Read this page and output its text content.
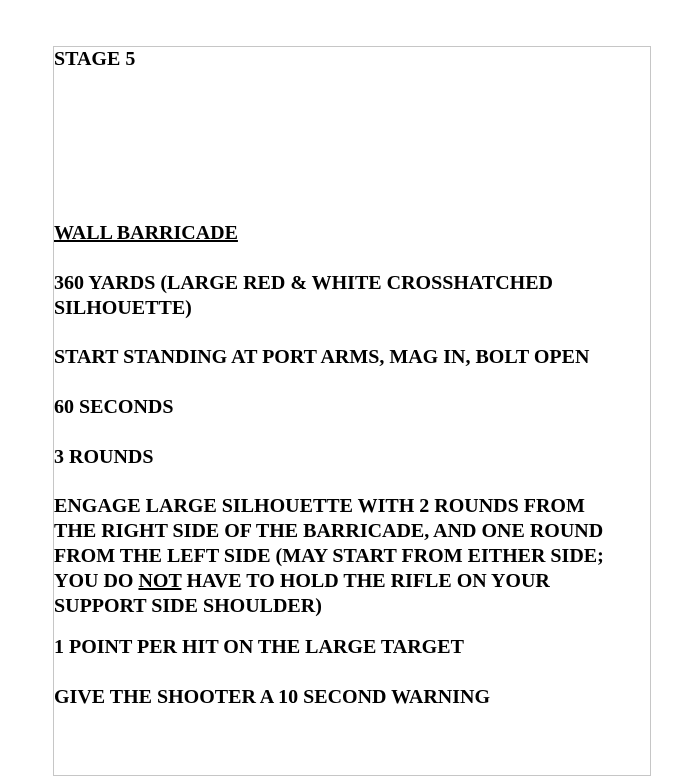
STAGE 5

WALL BARRICADE

360 YARDS (LARGE RED & WHITE CROSSHATCHED

SILHOUETTE)

START STANDING AT PORT ARMS, MAG IN, BOLT OPEN

60 SECONDS

3 ROUNDS

ENGAGE LARGE SILHOUETTE WITH 2 ROUNDS FROM

THE RIGHT SIDE OF THE BARRICADE, AND ONE ROUND

FROM THE LEFT SIDE (MAY START FROM EITHER SIDE;

YOU DO NOT HAVE TO HOLD THE RIFLE ON YOUR

SUPPORT SIDE SHOULDER)

1 POINT PER HIT ON THE LARGE TARGET

GIVE THE SHOOTER A 10 SECOND WARNING
